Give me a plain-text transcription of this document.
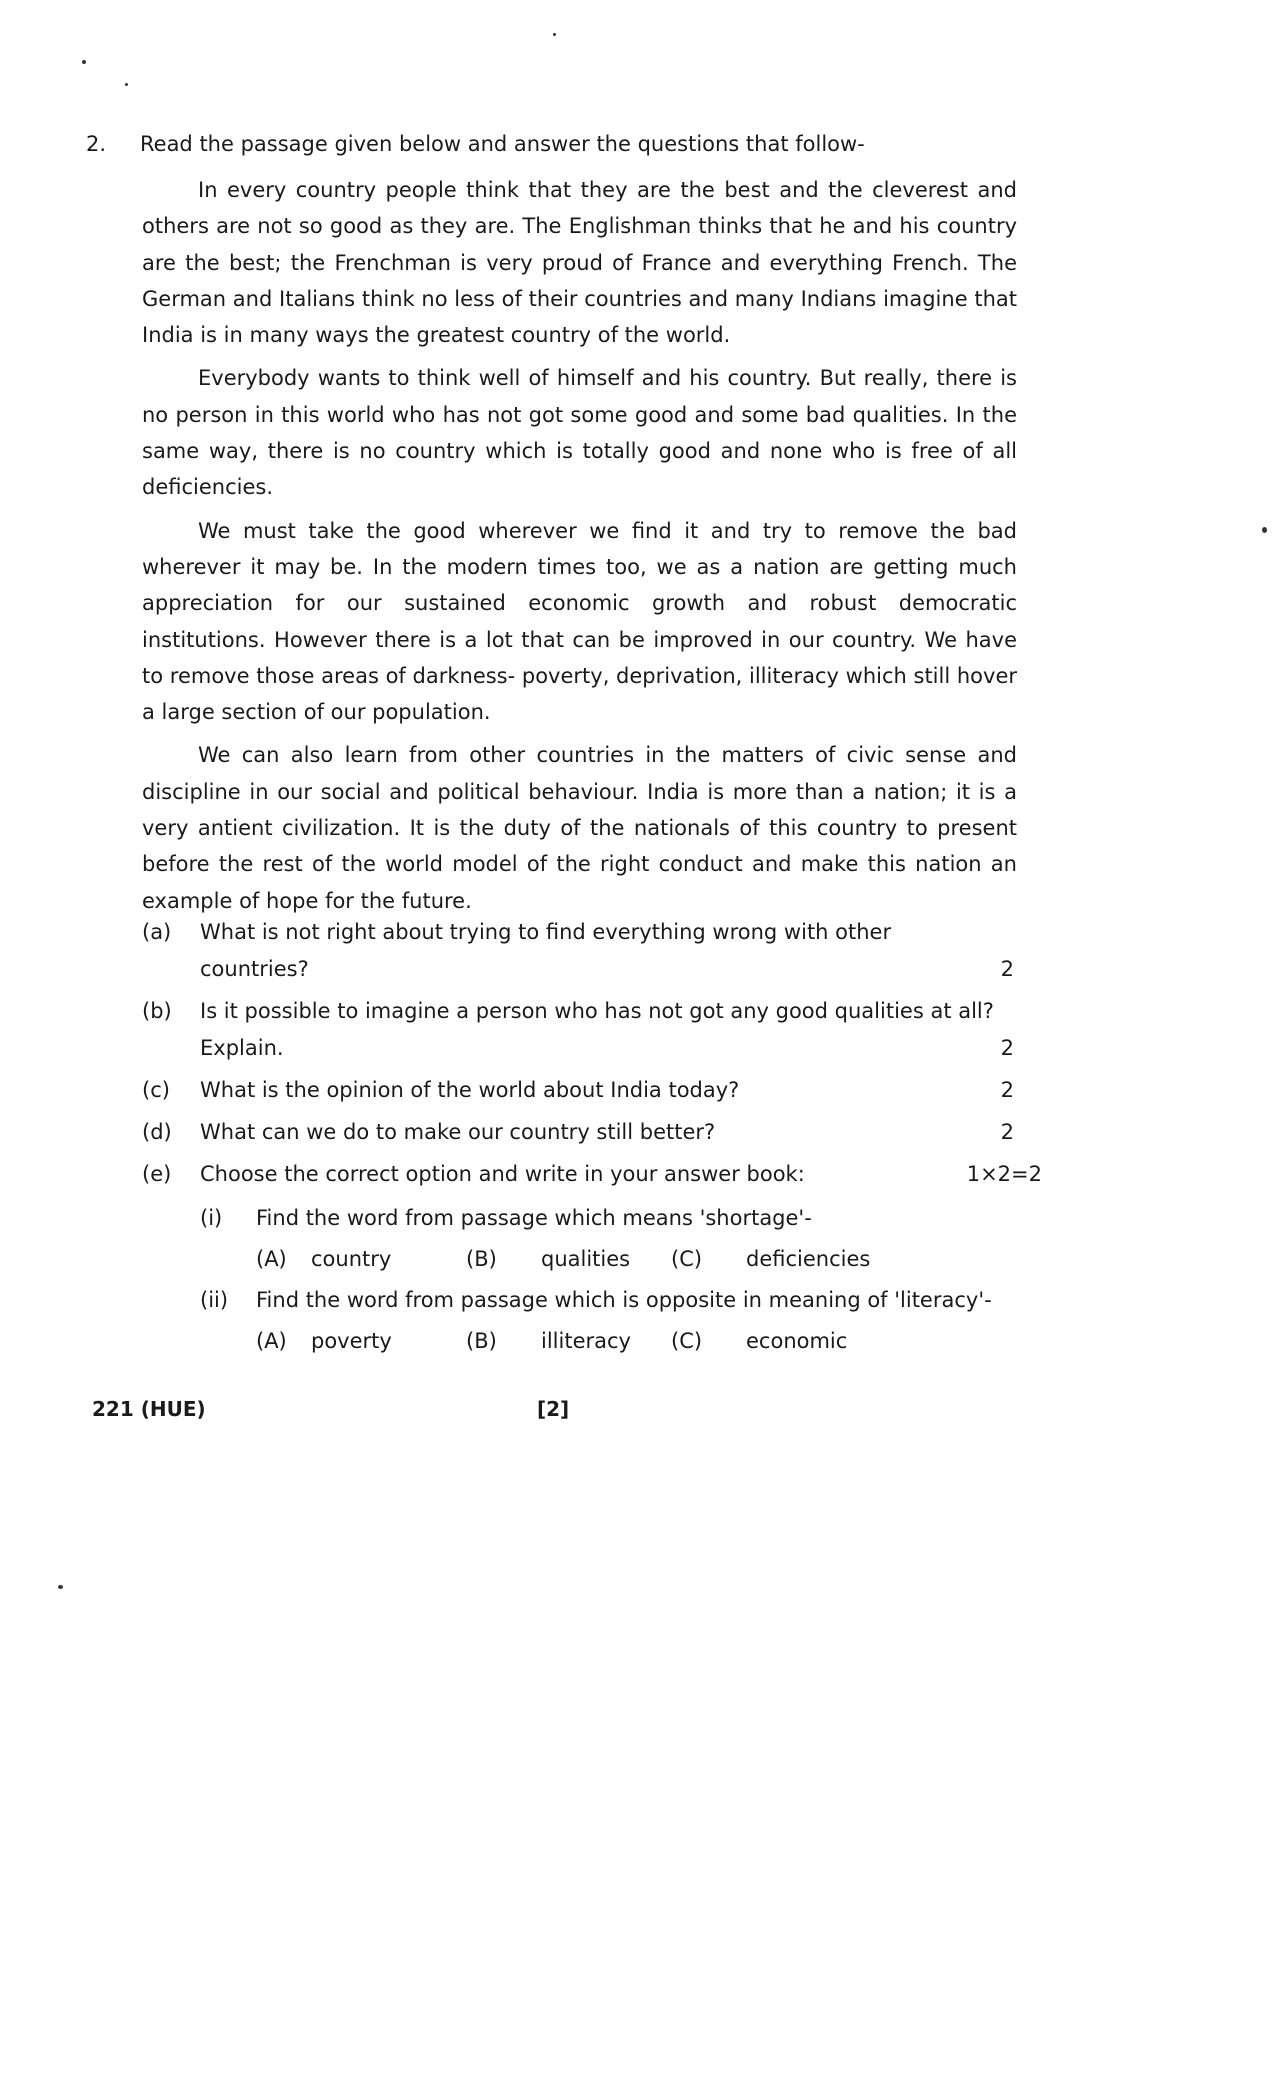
2. Read the passage given below and answer the questions that follow-

In every country people think that they are the best and the cleverest and others are not so good as they are. The Englishman thinks that he and his country are the best; the Frenchman is very proud of France and everything French. The German and Italians think no less of their countries and many Indians imagine that India is in many ways the greatest country of the world.

Everybody wants to think well of himself and his country. But really, there is no person in this world who has not got some good and some bad qualities. In the same way, there is no country which is totally good and none who is free of all deficiencies.

We must take the good wherever we find it and try to remove the bad wherever it may be. In the modern times too, we as a nation are getting much appreciation for our sustained economic growth and robust democratic institutions. However there is a lot that can be improved in our country. We have to remove those areas of darkness- poverty, deprivation, illiteracy which still hover a large section of our population.

We can also learn from other countries in the matters of civic sense and discipline in our social and political behaviour. India is more than a nation; it is a very antient civilization. It is the duty of the nationals of this country to present before the rest of the world model of the right conduct and make this nation an example of hope for the future.

(a) What is not right about trying to find everything wrong with other countries?	2
(b) Is it possible to imagine a person who has not got any good qualities at all? Explain.	2
(c) What is the opinion of the world about India today?	2
(d) What can we do to make our country still better?	2
(e) Choose the correct option and write in your answer book:	1×2=2
(i) Find the word from passage which means 'shortage'-
(A)	country	(B)	qualities	(C)	deficiencies
(ii) Find the word from passage which is opposite in meaning of 'literacy'-
(A)	poverty	(B)	illiteracy	(C)	economic
221 (HUE)	[2]
